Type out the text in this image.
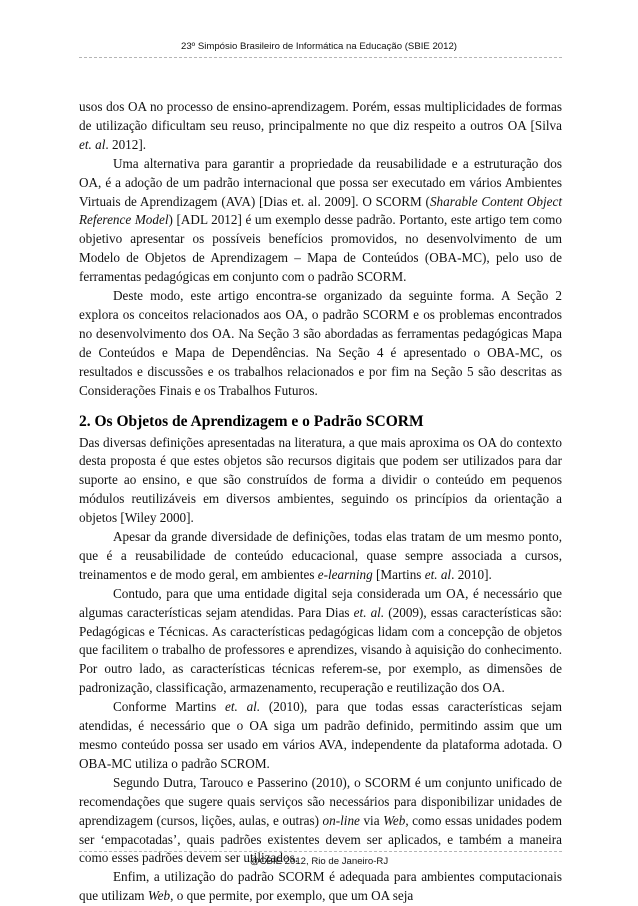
23º Simpósio Brasileiro de Informática na Educação (SBIE 2012)

usos dos OA no processo de ensino-aprendizagem. Porém, essas multiplicidades de formas de utilização dificultam seu reuso, principalmente no que diz respeito a outros OA [Silva et. al. 2012].

Uma alternativa para garantir a propriedade da reusabilidade e a estruturação dos OA, é a adoção de um padrão internacional que possa ser executado em vários Ambientes Virtuais de Aprendizagem (AVA) [Dias et. al. 2009]. O SCORM (Sharable Content Object Reference Model) [ADL 2012] é um exemplo desse padrão. Portanto, este artigo tem como objetivo apresentar os possíveis benefícios promovidos, no desenvolvimento de um Modelo de Objetos de Aprendizagem – Mapa de Conteúdos (OBA-MC), pelo uso de ferramentas pedagógicas em conjunto com o padrão SCORM.

Deste modo, este artigo encontra-se organizado da seguinte forma. A Seção 2 explora os conceitos relacionados aos OA, o padrão SCORM e os problemas encontrados no desenvolvimento dos OA. Na Seção 3 são abordadas as ferramentas pedagógicas Mapa de Conteúdos e Mapa de Dependências. Na Seção 4 é apresentado o OBA-MC, os resultados e discussões e os trabalhos relacionados e por fim na Seção 5 são descritas as Considerações Finais e os Trabalhos Futuros.

2. Os Objetos de Aprendizagem e o Padrão SCORM

Das diversas definições apresentadas na literatura, a que mais aproxima os OA do contexto desta proposta é que estes objetos são recursos digitais que podem ser utilizados para dar suporte ao ensino, e que são construídos de forma a dividir o conteúdo em pequenos módulos reutilizáveis em diversos ambientes, seguindo os princípios da orientação a objetos [Wiley 2000].

Apesar da grande diversidade de definições, todas elas tratam de um mesmo ponto, que é a reusabilidade de conteúdo educacional, quase sempre associada a cursos, treinamentos e de modo geral, em ambientes e-learning [Martins et. al. 2010].

Contudo, para que uma entidade digital seja considerada um OA, é necessário que algumas características sejam atendidas. Para Dias et. al. (2009), essas características são: Pedagógicas e Técnicas. As características pedagógicas lidam com a concepção de objetos que facilitem o trabalho de professores e aprendizes, visando à aquisição do conhecimento. Por outro lado, as características técnicas referem-se, por exemplo, as dimensões de padronização, classificação, armazenamento, recuperação e reutilização dos OA.

Conforme Martins et. al. (2010), para que todas essas características sejam atendidas, é necessário que o OA siga um padrão definido, permitindo assim que um mesmo conteúdo possa ser usado em vários AVA, independente da plataforma adotada. O OBA-MC utiliza o padrão SCROM.

Segundo Dutra, Tarouco e Passerino (2010), o SCORM é um conjunto unificado de recomendações que sugere quais serviços são necessários para disponibilizar unidades de aprendizagem (cursos, lições, aulas, e outras) on-line via Web, como essas unidades podem ser ‘empacotadas’, quais padrões existentes devem ser aplicados, e também a maneira como esses padrões devem ser utilizados.

Enfim, a utilização do padrão SCORM é adequada para ambientes computacionais que utilizam Web, o que permite, por exemplo, que um OA seja

@CBIE 2012, Rio de Janeiro-RJ
